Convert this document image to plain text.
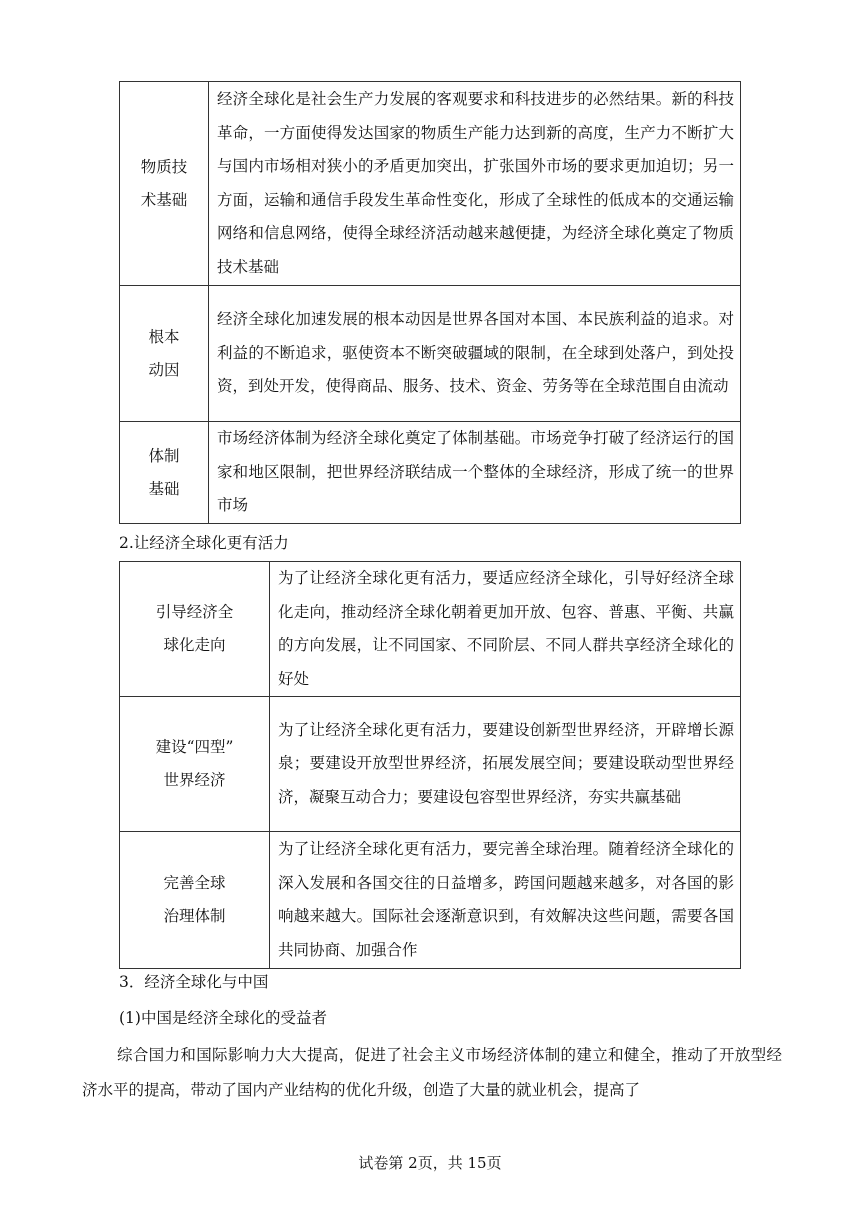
物质技
术基础	经济全球化是社会生产力发展的客观要求和科技进步的必然结果。新的科技革命，一方面使得发达国家的物质生产能力达到新的高度，生产力不断扩大与国内市场相对狭小的矛盾更加突出，扩张国外市场的要求更加迫切；另一方面，运输和通信手段发生革命性变化，形成了全球性的低成本的交通运输网络和信息网络，使得全球经济活动越来越便捷，为经济全球化奠定了物质技术基础

根本
动因	经济全球化加速发展的根本动因是世界各国对本国、本民族利益的追求。对利益的不断追求，驱使资本不断突破疆域的限制，在全球到处落户，到处投资，到处开发，使得商品、服务、技术、资金、劳务等在全球范围自由流动

体制
基础	市场经济体制为经济全球化奠定了体制基础。市场竞争打破了经济运行的国家和地区限制，把世界经济联结成一个整体的全球经济，形成了统一的世界市场
2.让经济全球化更有活力
引导经济全
球化走向	为了让经济全球化更有活力，要适应经济全球化，引导好经济全球化走向，推动经济全球化朝着更加开放、包容、普惠、平衡、共赢的方向发展，让不同国家、不同阶层、不同人群共享经济全球化的好处

建设“四型”
世界经济	为了让经济全球化更有活力，要建设创新型世界经济，开辟增长源泉；要建设开放型世界经济，拓展发展空间；要建设联动型世界经济，凝聚互动合力；要建设包容型世界经济，夯实共赢基础

完善全球
治理体制	为了让经济全球化更有活力，要完善全球治理。随着经济全球化的深入发展和各国交往的日益增多，跨国问题越来越多，对各国的影响越来越大。国际社会逐渐意识到，有效解决这些问题，需要各国共同协商、加强合作
3．经济全球化与中国
(1)中国是经济全球化的受益者
综合国力和国际影响力大大提高，促进了社会主义市场经济体制的建立和健全，推动了开放型经济水平的提高，带动了国内产业结构的优化升级，创造了大量的就业机会，提高了
试卷第 2页，共 15页
